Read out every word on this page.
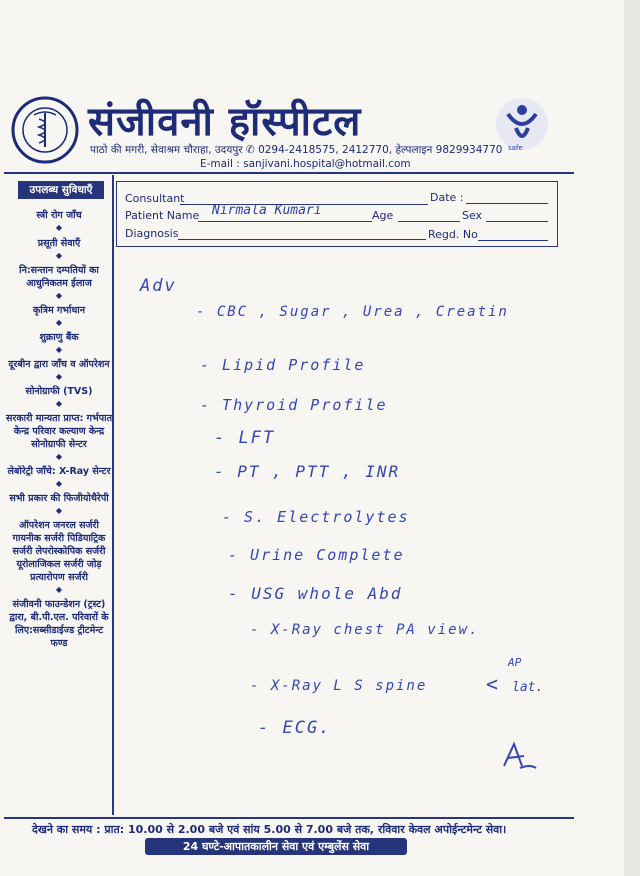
संजीवनी हॉस्पीटल
पाठो की मगरी, सेवाश्रम चौराहा, उदयपुर ✆ 0294-2418575, 2412770, हेल्पलाइन 9829934770
E-mail : sanjivani.hospital@hotmail.com
safe
उपलब्ध सुविधाएँ
स्त्री रोग जाँच
◆
प्रसूती सेवाएँ
◆
नि:सन्तान दम्पतियों का आधुनिकतम ईलाज
◆
कृत्रिम गर्भाधान
◆
शुक्राणु बैंक
◆
दूरबीन द्वारा जाँच व ऑपरेशन
◆
सोनोग्राफी (TVS)
◆
सरकारी मान्यता प्राप्त: गर्भपात केन्द्र परिवार कल्याण केन्द्र सोनोग्राफी सेन्टर
◆
लेबोरेट्री जाँचे: X-Ray सेन्टर
◆
सभी प्रकार की फिजीयोथैरेपी
◆
ऑपरेशन जनरल सर्जरी गायनीक सर्जरी पिडियाट्रिक सर्जरी लेपरोस्कोपिक सर्जरी यूरोलाजिकल सर्जरी जोड़ प्रत्यारोपण सर्जरी
◆
संजीवनी फाउन्डेशन (ट्रस्ट) द्वारा, बी.पी.एल. परिवारों के लिए:सब्सीडाईज्ड ट्रीटमेन्ट फण्ड
Consultant	Date :
Patient Name Nirmala Kumari	Age	Sex
Diagnosis	Regd. No
Adv
- CBC , Sugar , Urea , Creatin
- Lipid Profile
- Thyroid Profile
- LFT
- PT , PTT , INR
- S. Electrolytes
- Urine Complete
- USG whole Abd
- X-Ray chest PA view.
- X-Ray L S spine	<
AP
lat.
- ECG.
देखने का समय : प्रात: 10.00 से 2.00 बजे एवं सांय 5.00 से 7.00 बजे तक, रविवार केवल अपोईन्टमेन्ट सेवा।
24 घण्टे-आपातकालीन सेवा एवं एम्बुलेंस सेवा
